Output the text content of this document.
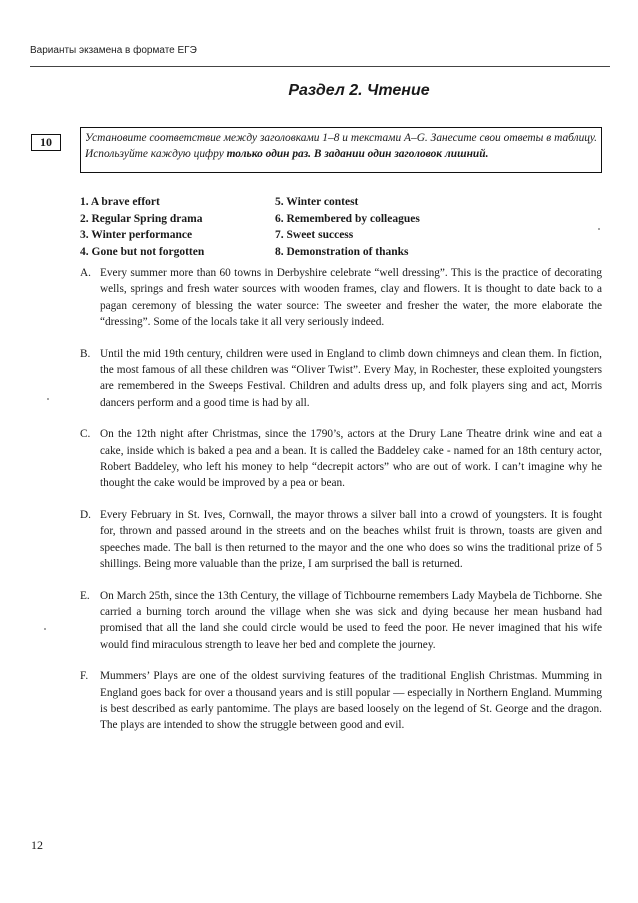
Варианты экзамена в формате ЕГЭ
Раздел 2. Чтение
10	Установите соответствие между заголовками 1–8 и текстами A–G. Занесите свои ответы в таблицу. Используйте каждую цифру только один раз. В задании один заголовок лишний.
1. A brave effort
2. Regular Spring drama
3. Winter performance
4. Gone but not forgotten
5. Winter contest
6. Remembered by colleagues
7. Sweet success
8. Demonstration of thanks
A. Every summer more than 60 towns in Derbyshire celebrate “well dressing”. This is the practice of decorating wells, springs and fresh water sources with wooden frames, clay and flowers. It is thought to date back to a pagan ceremony of blessing the water source: The sweeter and fresher the water, the more elaborate the “dressing”. Some of the locals take it all very seriously indeed.
B. Until the mid 19th century, children were used in England to climb down chimneys and clean them. In fiction, the most famous of all these children was “Oliver Twist”. Every May, in Rochester, these exploited youngsters are remembered in the Sweeps Festival. Children and adults dress up, and folk players sing and act, Morris dancers perform and a good time is had by all.
C. On the 12th night after Christmas, since the 1790’s, actors at the Drury Lane Theatre drink wine and eat a cake, inside which is baked a pea and a bean. It is called the Baddeley cake - named for an 18th century actor, Robert Baddeley, who left his money to help “decrepit actors” who are out of work. I can’t imagine why he thought the cake would be improved by a pea or bean.
D. Every February in St. Ives, Cornwall, the mayor throws a silver ball into a crowd of youngsters. It is fought for, thrown and passed around in the streets and on the beaches whilst fruit is thrown, toasts are given and speeches made. The ball is then returned to the mayor and the one who does so wins the traditional prize of 5 shillings. Being more valuable than the prize, I am surprised the ball is returned.
E. On March 25th, since the 13th Century, the village of Tichbourne remembers Lady Maybela de Tichborne. She carried a burning torch around the village when she was sick and dying because her mean husband had promised that all the land she could circle would be used to feed the poor. He never imagined that his wife would find miraculous strength to leave her bed and complete the journey.
F. Mummers’ Plays are one of the oldest surviving features of the traditional English Christmas. Mumming in England goes back for over a thousand years and is still popular — especially in Northern England. Mumming is best described as early pantomime. The plays are based loosely on the legend of St. George and the dragon. The plays are intended to show the struggle between good and evil.
12
